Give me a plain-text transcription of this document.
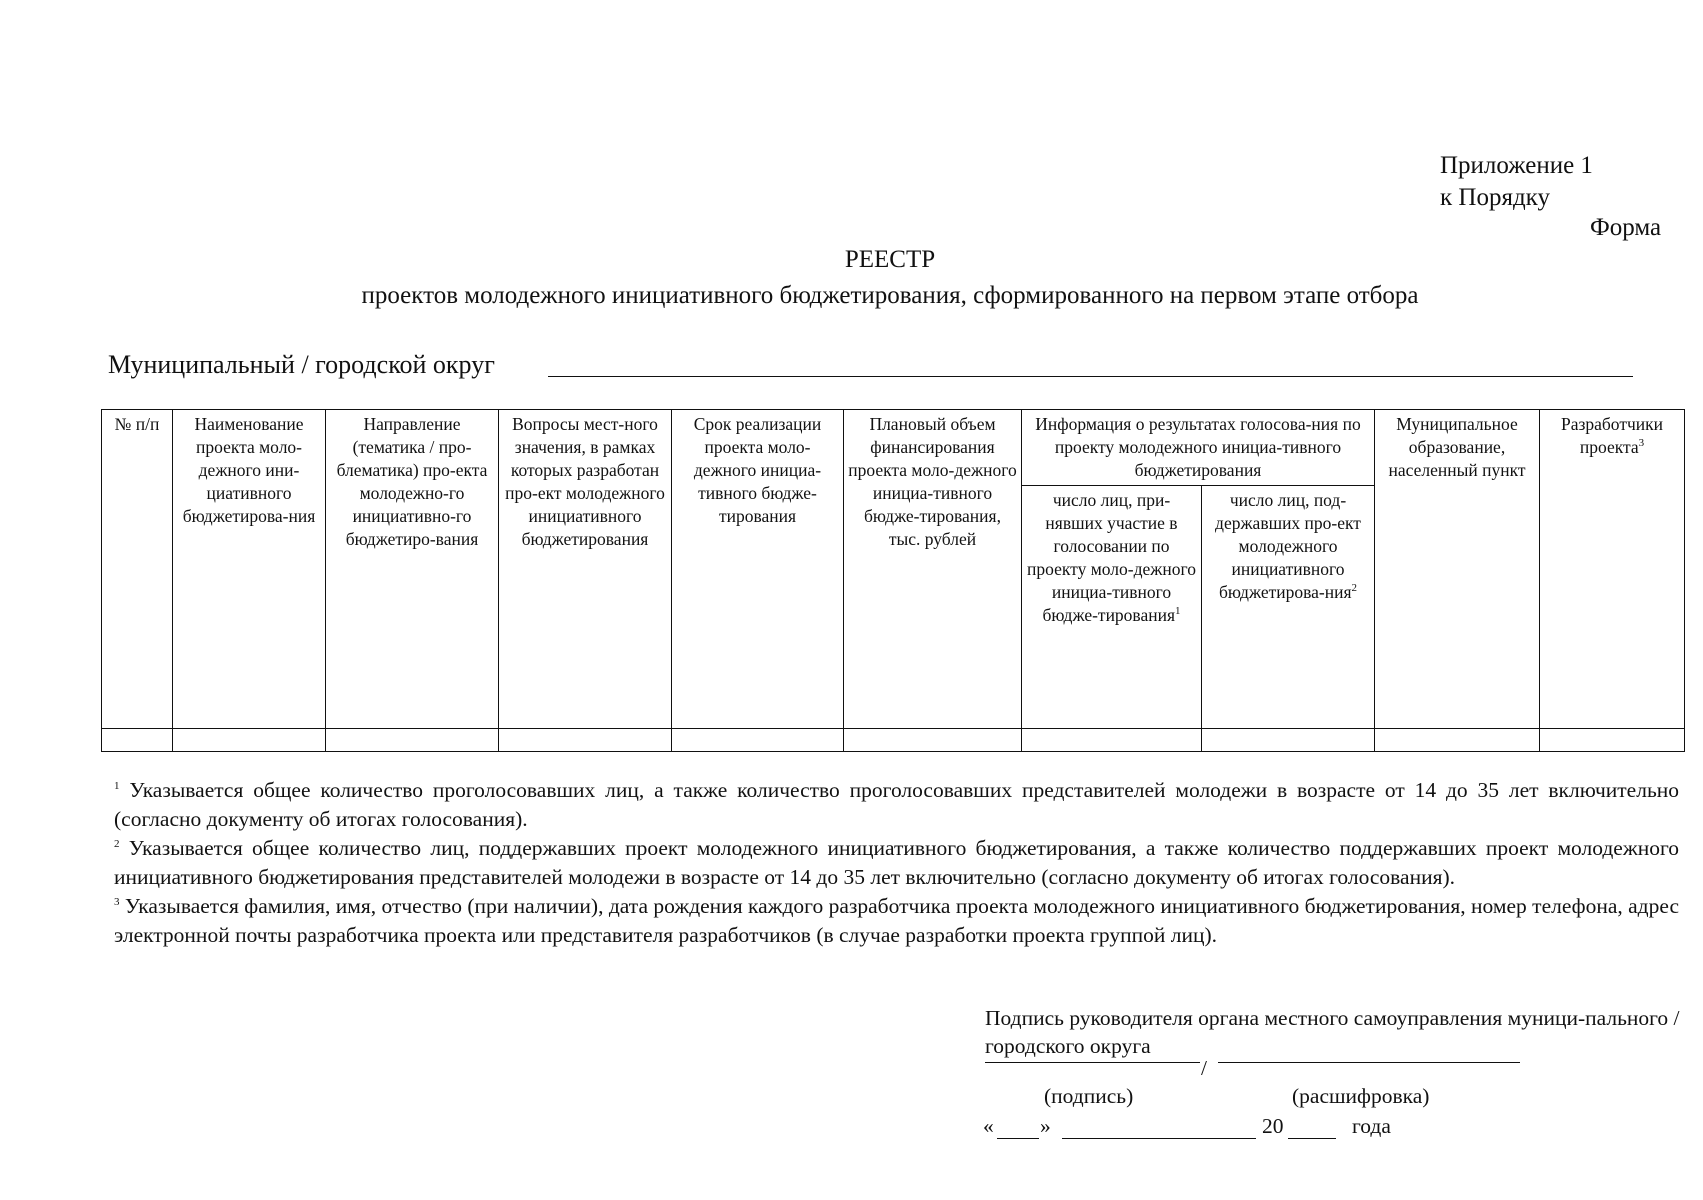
Приложение 1
к Порядку
Форма
РЕЕСТР
проектов молодежного инициативного бюджетирования, сформированного на первом этапе отбора
Муниципальный / городской округ
№ п/п	Наименование проекта моло-дежного ини-циативного бюджетирова-ния	Направление (тематика / про-блематика) про-екта молодежно-го инициативно-го бюджетиро-вания	Вопросы мест-ного значения, в рамках которых разработан про-ект молодежного инициативного бюджетирования	Срок реализации проекта моло-дежного инициа-тивного бюдже-тирования	Плановый объем финансирования проекта моло-дежного инициа-тивного бюдже-тирования, тыс. рублей	Информация о результатах голосова-ния по проекту молодежного инициа-тивного бюджетирования		Муниципальное образование, населенный пункт	Разработчики проекта$^3$
						число лиц, при-нявших участие в голосовании по проекту моло-дежного инициа-тивного бюдже-тирования$^1$	число лиц, под-державших про-ект молодежного инициативного бюджетирова-ния$^2$

$^1$ Указывается общее количество проголосовавших лиц, а также количество проголосовавших представителей молодежи в возрасте от 14 до 35 лет включительно (согласно документу об итогах голосования).

$^2$ Указывается общее количество лиц, поддержавших проект молодежного инициативного бюджетирования, а также количество поддержавших проект молодежного инициативного бюджетирования представителей молодежи в возрасте от 14 до 35 лет включительно (согласно документу об итогах голосования).

$^3$ Указывается фамилия, имя, отчество (при наличии), дата рождения каждого разработчика проекта молодежного инициативного бюджетирования, номер телефона, адрес электронной почты разработчика проекта или представителя разработчиков (в случае разработки проекта группой лиц).

Подпись руководителя органа местного самоуправления муници-пального / городского округа
/
(подпись)	(расшифровка)
« »	20	года
